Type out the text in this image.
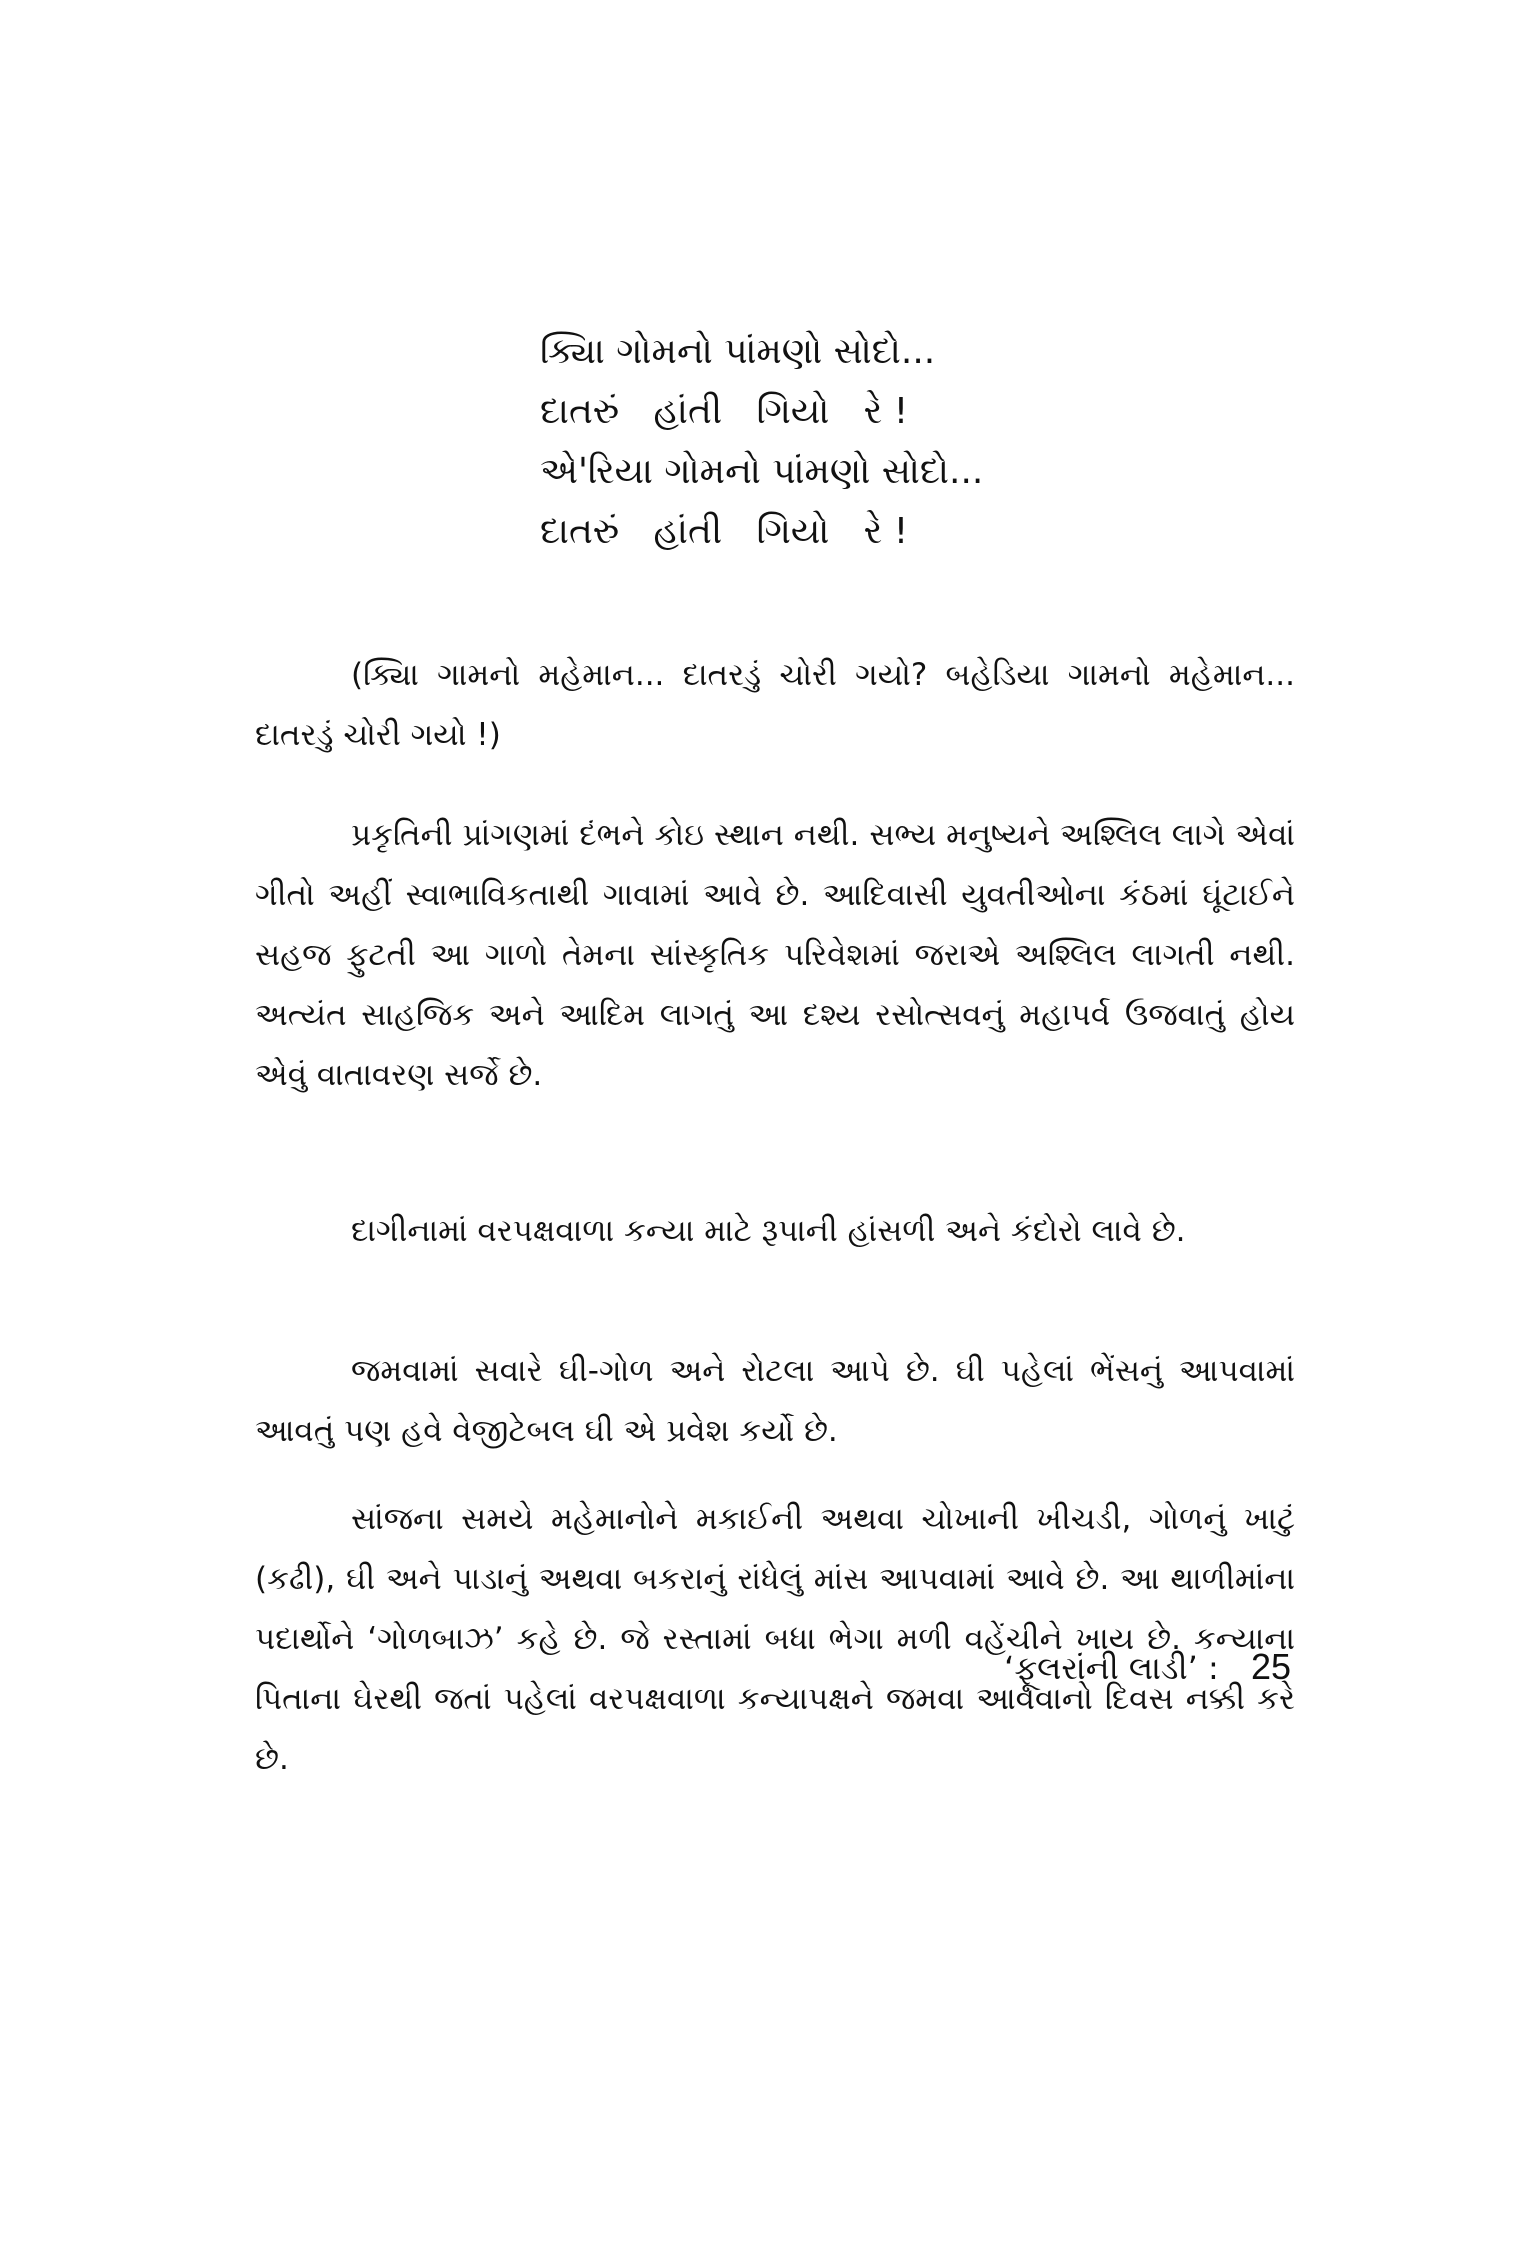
ક્યિા ગોમનો પાંમણો સોદો...
દાતરું   હાંતી   ગિયો   રે !
એ'રિયા ગોમનો પાંમણો સોદો...
દાતરું   હાંતી   ગિયો   રે !

(ક્યિા ગામનો મહેમાન... દાતરડું ચોરી ગયો? બહેડિયા ગામનો મહેમાન... દાતરડું ચોરી ગયો !)

પ્રકૃતિની પ્રાંગણમાં દંભને કોઇ સ્થાન નથી. સભ્ય મનુષ્યને અશ્લિલ લાગે એવાં ગીતો અહીં સ્વાભાવિકતાથી ગાવામાં આવે છે. આદિવાસી યુવતીઓના કંઠમાં ઘૂંટાઈને સહજ ફુટતી આ ગાળો તેમના સાંસ્કૃતિક પરિવેશમાં જરાએ અશ્લિલ લાગતી નથી. અત્યંત સાહજિક અને આદિમ લાગતું આ દશ્ય રસોત્સવનું મહાપર્વ ઉજવાતું હોય એવું વાતાવરણ સર્જે છે.

દાગીનામાં વરપક્ષવાળા કન્યા માટે રૂપાની હાંસળી અને કંદોરો લાવે છે.

જમવામાં સવારે ઘી-ગોળ અને રોટલા આપે છે. ઘી પહેલાં ભેંસનું આપવામાં આવતું પણ હવે વેજીટેબલ ઘી એ પ્રવેશ કર્યો છે.

સાંજના સમયે મહેમાનોને મકાઈની અથવા ચોખાની ખીચડી, ગોળનું ખાટું (કઢી), ઘી અને પાડાનું અથવા બકરાનું રાંધેલું માંસ આપવામાં આવે છે. આ થાળીમાંના પદાર્થોને ‘ગોળબાઝ’ કહે છે. જે રસ્તામાં બધા ભેગા મળી વહેંચીને ખાય છે. કન્યાના પિતાના ઘેરથી જતાં પહેલાં વરપક્ષવાળા કન્યાપક્ષને જમવા આવવાનો દિવસ નક્કી કરે છે.

‘ફૂલરાંની લાડી’ : 25
